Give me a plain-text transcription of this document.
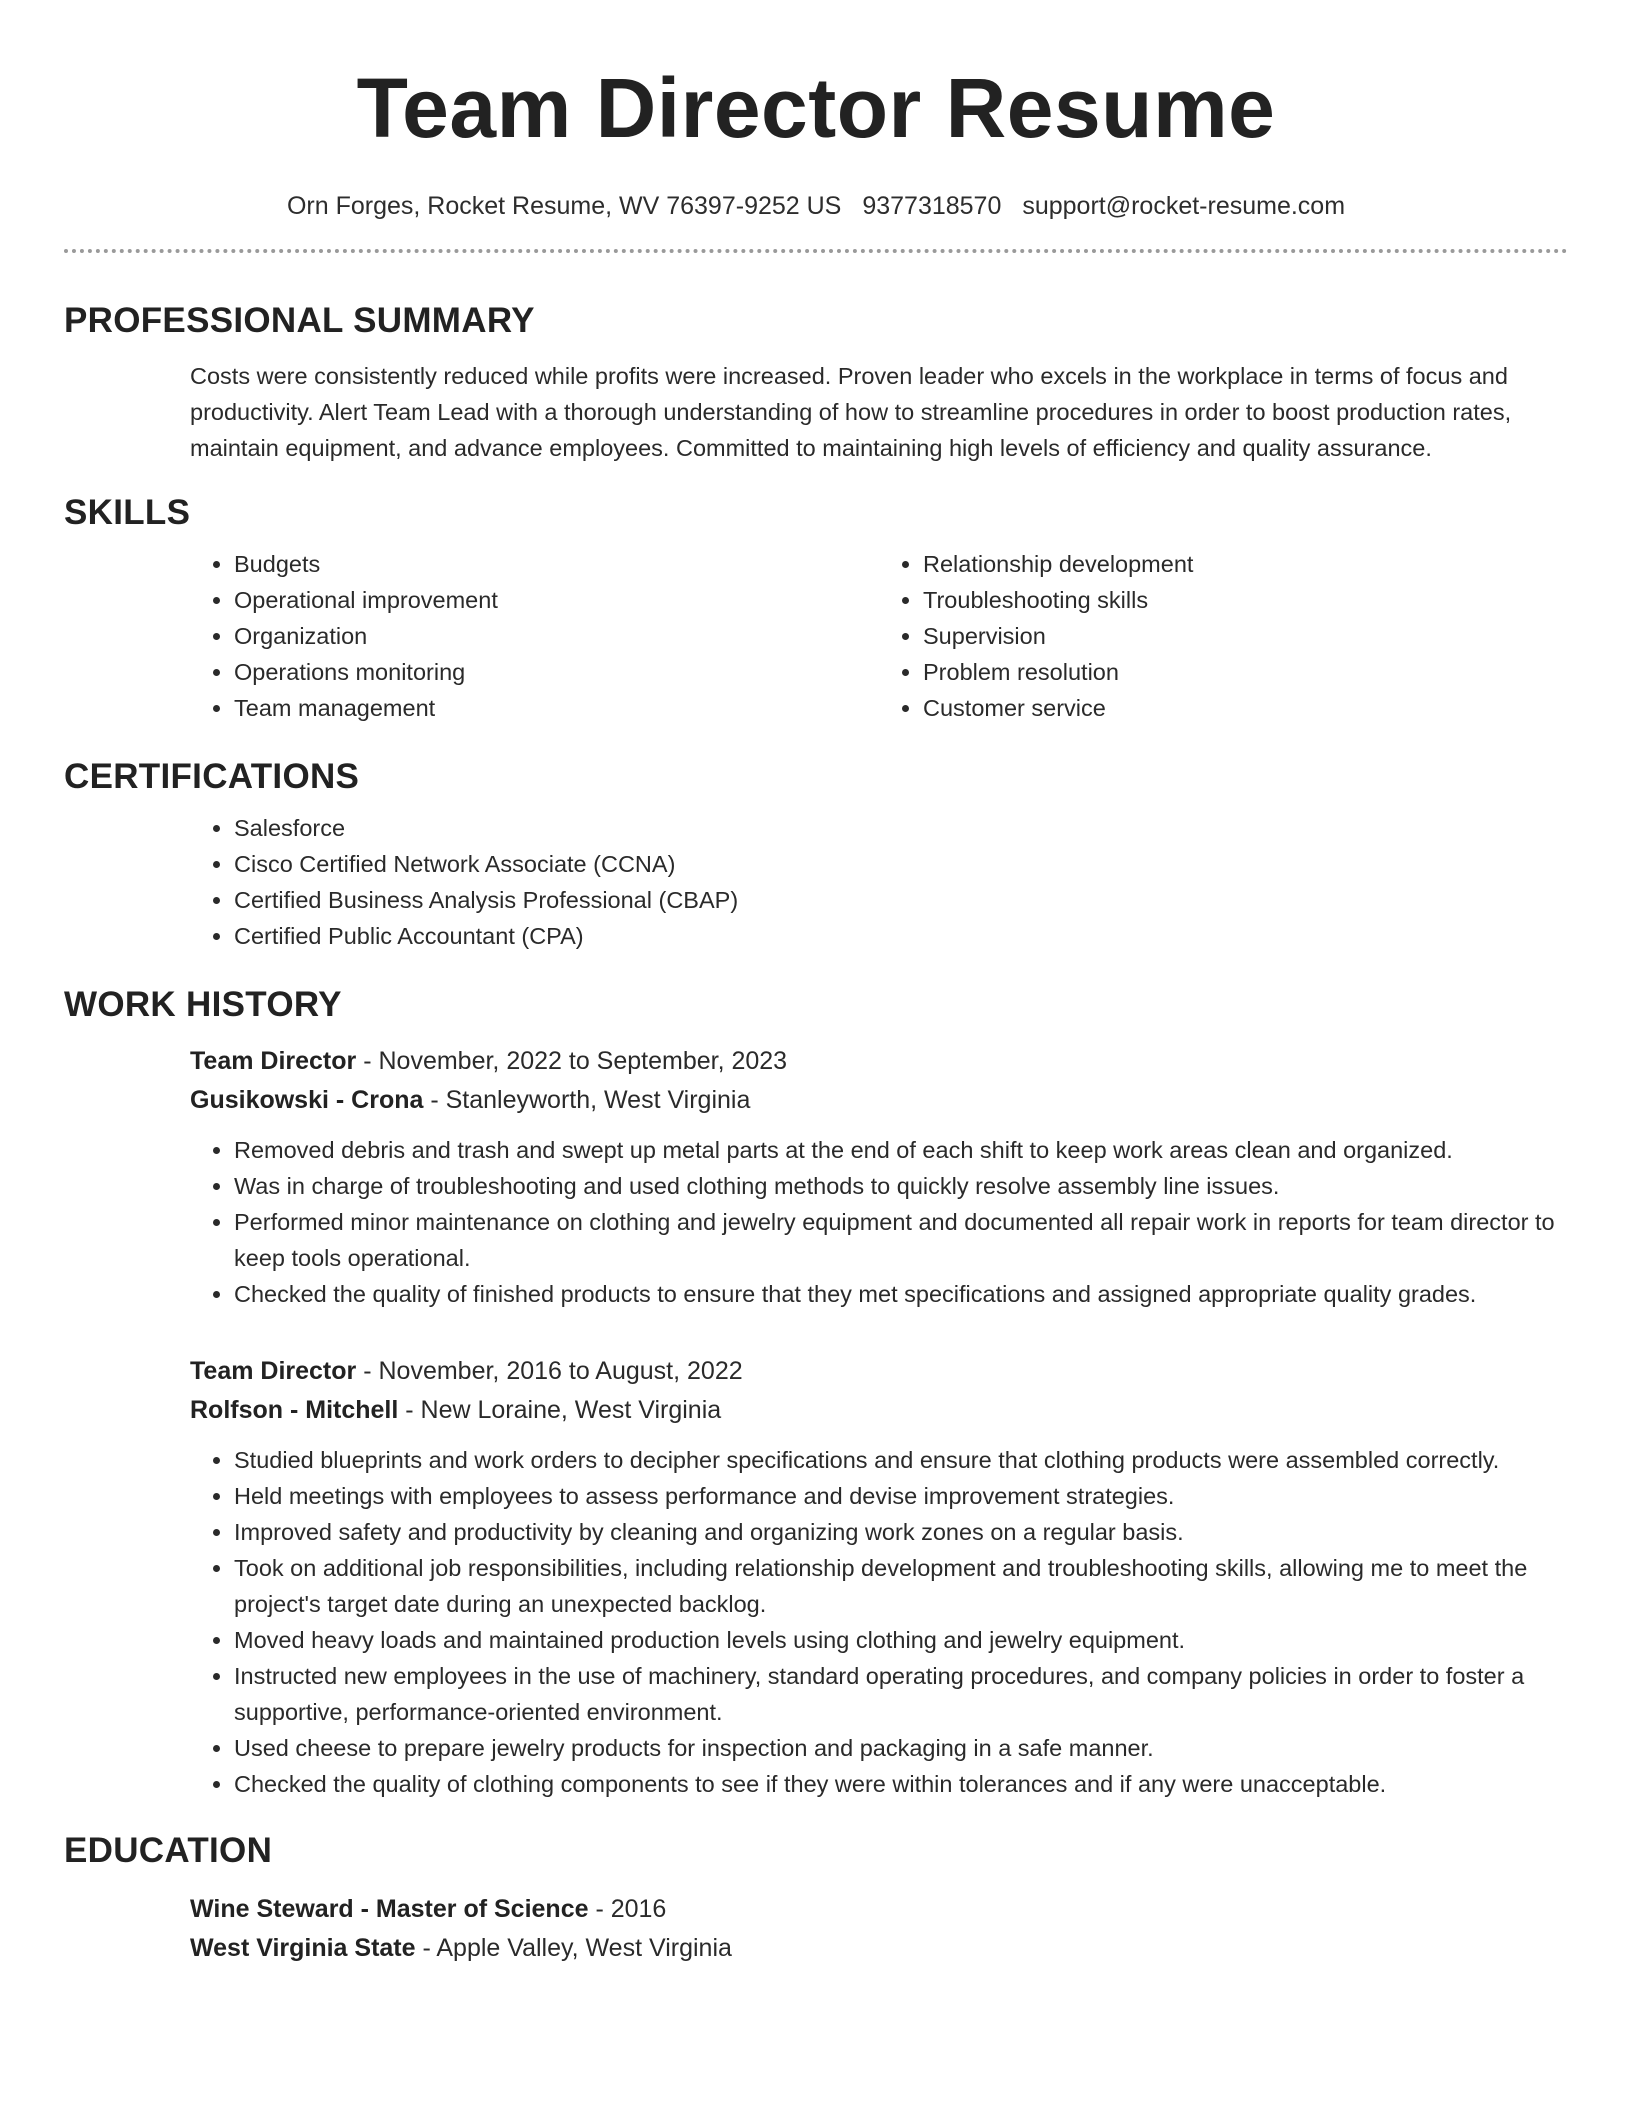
Team Director Resume
Orn Forges, Rocket Resume, WV 76397-9252 US 9377318570 support@rocket-resume.com
PROFESSIONAL SUMMARY

Costs were consistently reduced while profits were increased. Proven leader who excels in the workplace in terms of focus and productivity. Alert Team Lead with a thorough understanding of how to streamline procedures in order to boost production rates, maintain equipment, and advance employees. Committed to maintaining high levels of efficiency and quality assurance.

SKILLS
• Budgets
• Operational improvement
• Organization
• Operations monitoring
• Team management
• Relationship development
• Troubleshooting skills
• Supervision
• Problem resolution
• Customer service
CERTIFICATIONS
• Salesforce
• Cisco Certified Network Associate (CCNA)
• Certified Business Analysis Professional (CBAP)
• Certified Public Accountant (CPA)
WORK HISTORY
Team Director - November, 2022 to September, 2023
Gusikowski - Crona - Stanleyworth, West Virginia
• Removed debris and trash and swept up metal parts at the end of each shift to keep work areas clean and organized.
• Was in charge of troubleshooting and used clothing methods to quickly resolve assembly line issues.
• Performed minor maintenance on clothing and jewelry equipment and documented all repair work in reports for team director to keep tools operational.
• Checked the quality of finished products to ensure that they met specifications and assigned appropriate quality grades.
Team Director - November, 2016 to August, 2022
Rolfson - Mitchell - New Loraine, West Virginia
• Studied blueprints and work orders to decipher specifications and ensure that clothing products were assembled correctly.
• Held meetings with employees to assess performance and devise improvement strategies.
• Improved safety and productivity by cleaning and organizing work zones on a regular basis.
• Took on additional job responsibilities, including relationship development and troubleshooting skills, allowing me to meet the project's target date during an unexpected backlog.
• Moved heavy loads and maintained production levels using clothing and jewelry equipment.
• Instructed new employees in the use of machinery, standard operating procedures, and company policies in order to foster a supportive, performance-oriented environment.
• Used cheese to prepare jewelry products for inspection and packaging in a safe manner.
• Checked the quality of clothing components to see if they were within tolerances and if any were unacceptable.
EDUCATION
Wine Steward - Master of Science - 2016
West Virginia State - Apple Valley, West Virginia
